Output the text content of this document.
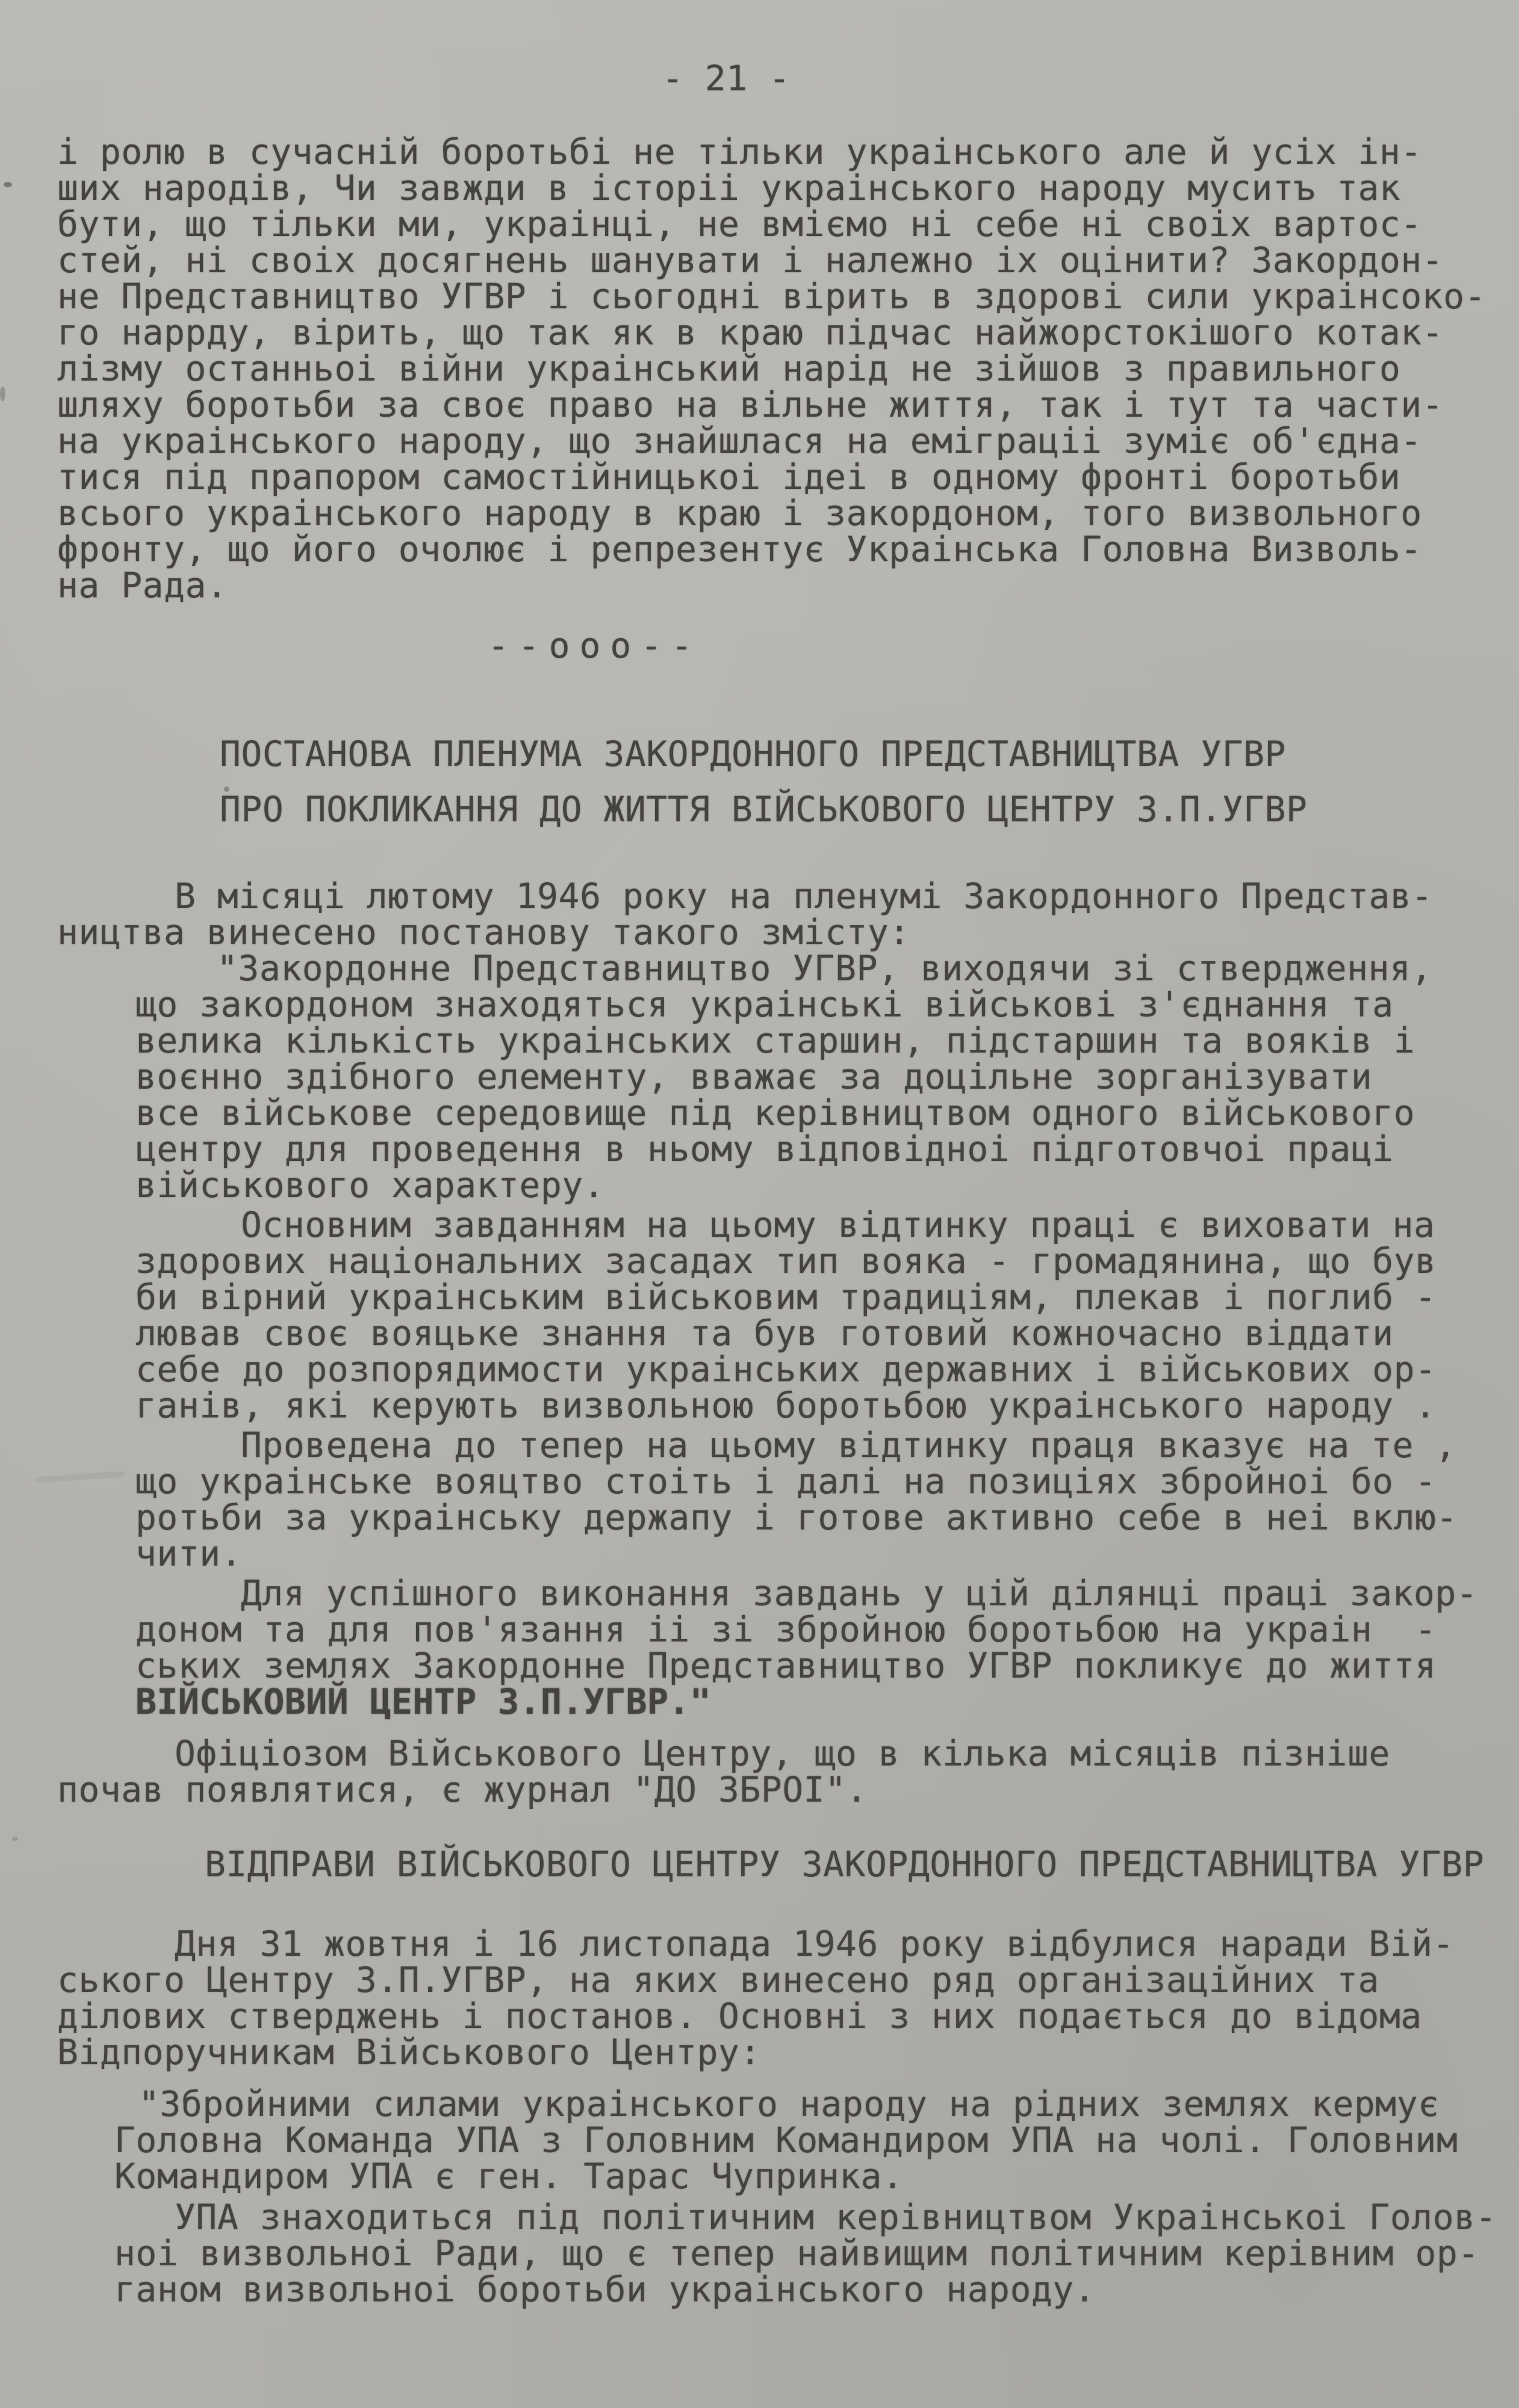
- 21 -
і ролю в сучасній боротьбі не тільки украінського але й усіх ін-
ших народів, Чи завжди в історіі украінського народу муситъ так
бути, що тільки ми, украінці, не вміємо ні себе ні своіх вартос-
стей, ні своіх досягнень шанувати і належно іх оцінити? Закордон-
не Представництво УГВР і сьогодні вірить в здорові сили украінсоко-
го наррду, вірить, що так як в краю підчас найжорстокішого котак-
лізму останньоі війни украінський нарід не зійшов з правильного
шляху боротьби за своє право на вільне життя, так і тут та части-
на украінського народу, що знайшлася на еміграціі зуміє об'єдна-
тися під прапором самостійницькоі ідеі в одному фронті боротьби
всього украінського народу в краю і закордоном, того визвольного
фронту, що його очолює і репрезентує Украінська Головна Визволь-
на Рада.
- - о о о - -
ПОСТАНОВА ПЛЕНУМА ЗАКОРДОННОГО ПРЕДСТАВНИЦТВА УГВР
ПРО ПОКЛИКАННЯ ДО ЖИТТЯ ВІЙСЬКОВОГО ЦЕНТРУ З.П.УГВР
В місяці лютому 1946 року на пленумі Закордонного Представ-
ництва винесено постанову такого змісту:
"Закордонне Представництво УГВР, виходячи зі ствердження,
що закордоном знаходяться украінські військові з'єднання та
велика кількість украінських старшин, підстаршин та вояків і
воєнно здібного елементу, вважає за доцільне зорганізувати
все військове середовище під керівництвом одного військового
центру для проведення в ньому відповідноі підготовчоі праці
військового характеру.
Основним завданням на цьому відтинку праці є виховати на
здорових національних засадах тип вояка - громадянина, що був
би вірний украінським військовим традиціям, плекав і поглиб -
лював своє вояцьке знання та був готовий кожночасно віддати
себе до розпорядимости украінських державних і військових ор-
ганів, які керують визвольною боротьбою украінського народу .
Проведена до тепер на цьому відтинку праця вказує на те ,
що украінське вояцтво стоіть і далі на позиціях збройноі бо -
ротьби за украінську держапу і готове активно себе в неі вклю-
чити.
Для успішного виконання завдань у цій ділянці праці закор-
доном та для пов'язання іі зі збройною боротьбою на украін  -
ських землях Закордонне Представництво УГВР покликує до життя
ВІЙСЬКОВИЙ ЦЕНТР З.П.УГВР."
Офіціозом Військового Центру, що в кілька місяців пізніше
почав появлятися, є журнал "ДО ЗБРОІ".
ВІДПРАВИ ВІЙСЬКОВОГО ЦЕНТРУ ЗАКОРДОННОГО ПРЕДСТАВНИЦТВА УГВР
Дня 31 жовтня і 16 листопада 1946 року відбулися наради Вій-
ського Центру З.П.УГВР, на яких винесено ряд організаційних та
ділових стверджень і постанов. Основні з них подається до відома
Відпоручникам Військового Центру:
"Збройними силами украінського народу на рідних землях кермує
Головна Команда УПА з Головним Командиром УПА на чолі. Головним
Командиром УПА є ген. Тарас Чупринка.
УПА знаходиться під політичним керівництвом Украінськоі Голов-
ноі визвольноі Ради, що є тепер найвищим політичним керівним ор-
ганом визвольноі боротьби украінського народу.
